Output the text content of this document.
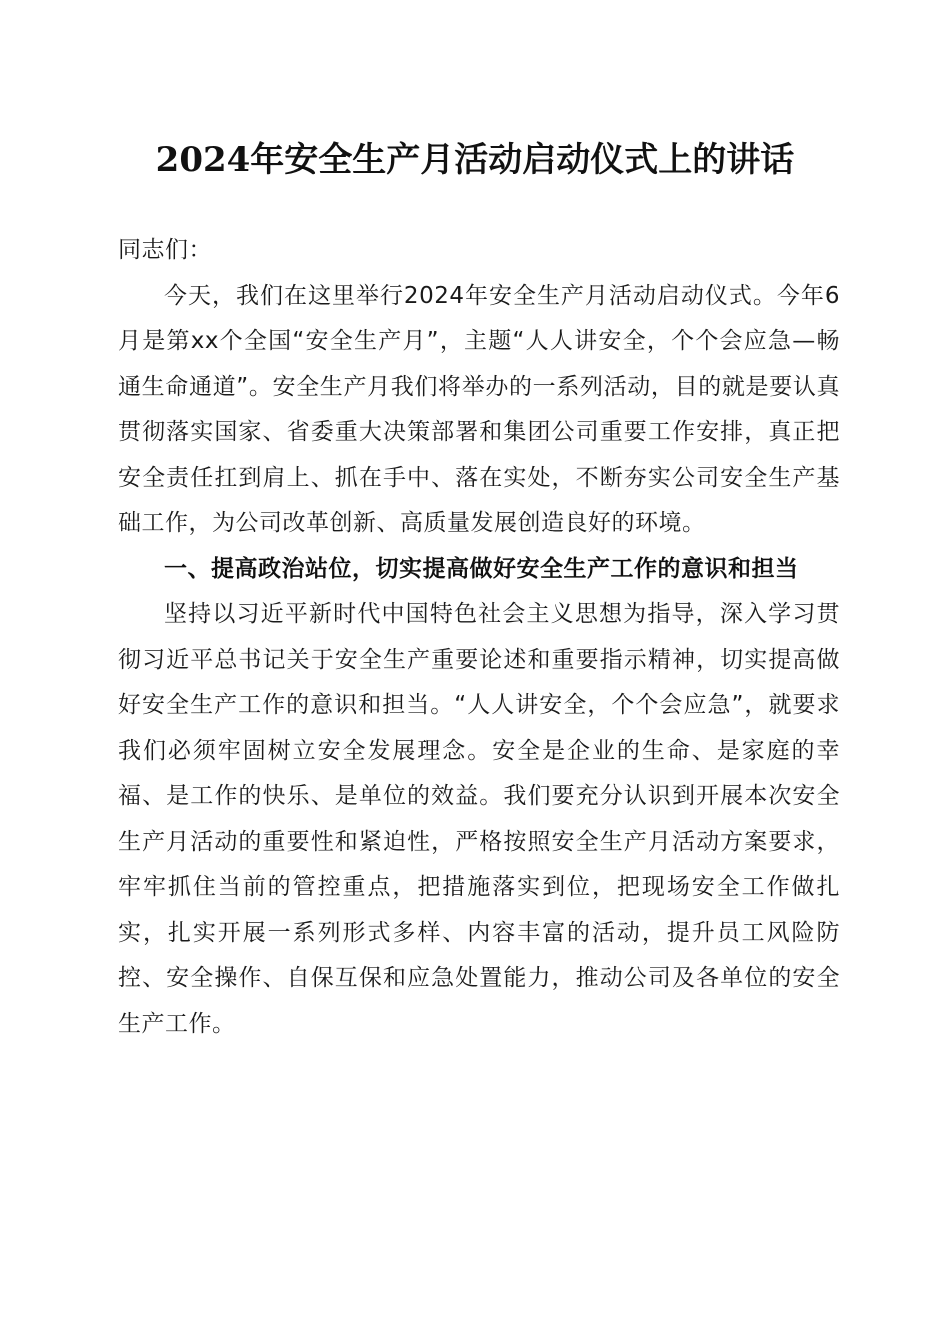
2024年安全生产月活动启动仪式上的讲话

同志们：

今天，我们在这里举行2024年安全生产月活动启动仪式。今年6月是第xx个全国“安全生产月”，主题“人人讲安全，个个会应急—畅通生命通道”。安全生产月我们将举办的一系列活动，目的就是要认真贯彻落实国家、省委重大决策部署和集团公司重要工作安排，真正把安全责任扛到肩上、抓在手中、落在实处，不断夯实公司安全生产基础工作，为公司改革创新、高质量发展创造良好的环境。

一、提高政治站位，切实提高做好安全生产工作的意识和担当

坚持以习近平新时代中国特色社会主义思想为指导，深入学习贯彻习近平总书记关于安全生产重要论述和重要指示精神，切实提高做好安全生产工作的意识和担当。“人人讲安全，个个会应急”，就要求我们必须牢固树立安全发展理念。安全是企业的生命、是家庭的幸福、是工作的快乐、是单位的效益。我们要充分认识到开展本次安全生产月活动的重要性和紧迫性，严格按照安全生产月活动方案要求，牢牢抓住当前的管控重点，把措施落实到位，把现场安全工作做扎实，扎实开展一系列形式多样、内容丰富的活动，提升员工风险防控、安全操作、自保互保和应急处置能力，推动公司及各单位的安全生产工作。
